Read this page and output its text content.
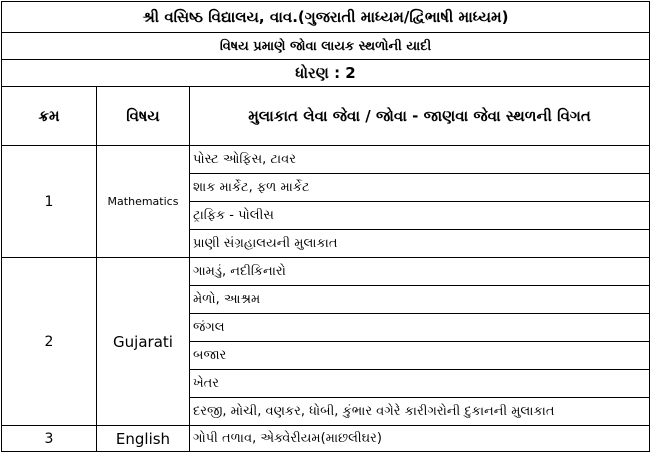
શ્રી વસિષ્ઠ વિદ્યાલય, વાવ.(ગુજરાતી માધ્યમ/દ્વિભાષી માધ્યમ)		
વિષય પ્રમાણે જોવા લાયક સ્થળોની યાદી		
ધોરણ : 2		
ક્રમ	વિષય	મુલાકાત લેવા જેવા / જોવા - જાણવા જેવા સ્થળની વિગત
1	Mathematics	પોસ્ટ ઓફિસ, ટાવર
		શાક માર્કેટ, ફળ માર્કેટ
		ટ્રાફિક - પોલીસ
		પ્રાણી સંગ્રહાલયની મુલાકાત
2	Gujarati	ગામડું, નદીકિનારો
		મેળો, આશ્રમ
		જંગલ
		બજાર
		ખેતર
		દરજી, મોચી, વણકર, ધોબી, કુંભાર વગેરે કારીગરોની દુકાનની મુલાકાત
3	English	ગોપી તળાવ, એક્વેરીયમ(માછલીઘર)
